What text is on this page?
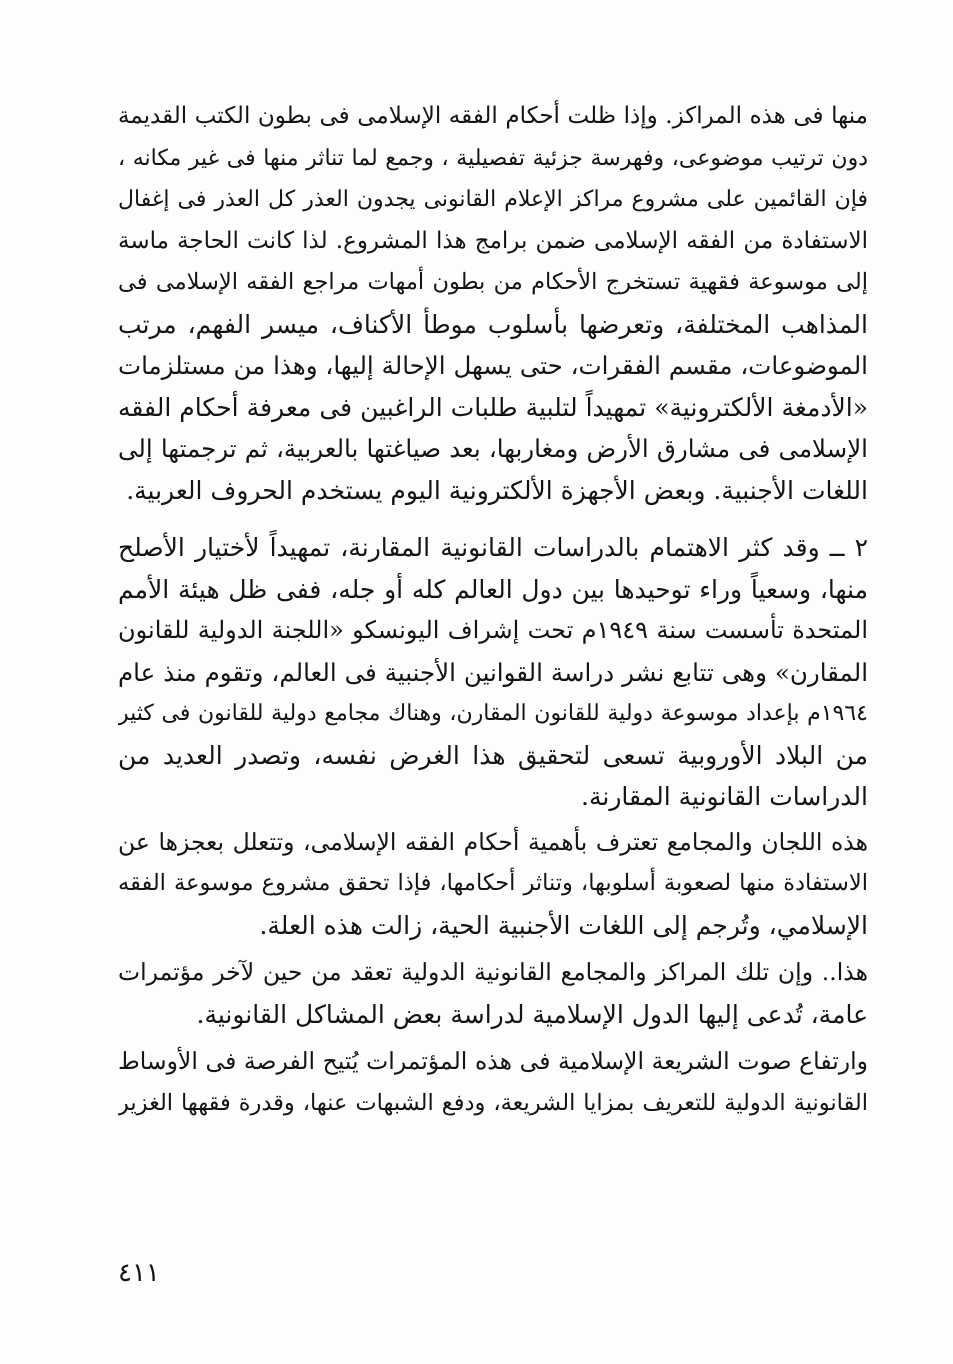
منها فى هذه المراكز. وإذا ظلت أحكام الفقه الإسلامى فى بطون الكتب القديمة
دون ترتيب موضوعى، وفهرسة جزئية تفصيلية ، وجمع لما تناثر منها فى غير مكانه ،
فإن القائمين على مشروع مراكز الإعلام القانونى يجدون العذر كل العذر فى إغفال
الاستفادة من الفقه الإسلامى ضمن برامج هذا المشروع. لذا كانت الحاجة ماسة
إلى موسوعة فقهية تستخرج الأحكام من بطون أمهات مراجع الفقه الإسلامى فى
المذاهب المختلفة، وتعرضها بأسلوب موطأ الأكناف، ميسر الفهم، مرتب
الموضوعات، مقسم الفقرات، حتى يسهل الإحالة إليها، وهذا من مستلزمات
«الأدمغة الألكترونية» تمهيداً لتلبية طلبات الراغبين فى معرفة أحكام الفقه
الإسلامى فى مشارق الأرض ومغاربها، بعد صياغتها بالعربية، ثم ترجمتها إلى
اللغات الأجنبية. وبعض الأجهزة الألكترونية اليوم يستخدم الحروف العربية.
٢ ــ وقد كثر الاهتمام بالدراسات القانونية المقارنة، تمهيداً لأختيار الأصلح
منها، وسعياً وراء توحيدها بين دول العالم كله أو جله، ففى ظل هيئة الأمم
المتحدة تأسست سنة ١٩٤٩م تحت إشراف اليونسكو «اللجنة الدولية للقانون
المقارن» وهى تتابع نشر دراسة القوانين الأجنبية فى العالم، وتقوم منذ عام
١٩٦٤م بإعداد موسوعة دولية للقانون المقارن، وهناك مجامع دولية للقانون فى كثير
من البلاد الأوروبية تسعى لتحقيق هذا الغرض نفسه، وتصدر العديد من
الدراسات القانونية المقارنة.
هذه اللجان والمجامع تعترف بأهمية أحكام الفقه الإسلامى، وتتعلل بعجزها عن
الاستفادة منها لصعوبة أسلوبها، وتناثر أحكامها، فإذا تحقق مشروع موسوعة الفقه
الإسلامي، وتُرجم إلى اللغات الأجنبية الحية، زالت هذه العلة.
هذا.. وإن تلك المراكز والمجامع القانونية الدولية تعقد من حين لآخر مؤتمرات
عامة، تُدعى إليها الدول الإسلامية لدراسة بعض المشاكل القانونية.
وارتفاع صوت الشريعة الإسلامية فى هذه المؤتمرات يُتيح الفرصة فى الأوساط
القانونية الدولية للتعريف بمزايا الشريعة، ودفع الشبهات عنها، وقدرة فقهها الغزير
٤١١
